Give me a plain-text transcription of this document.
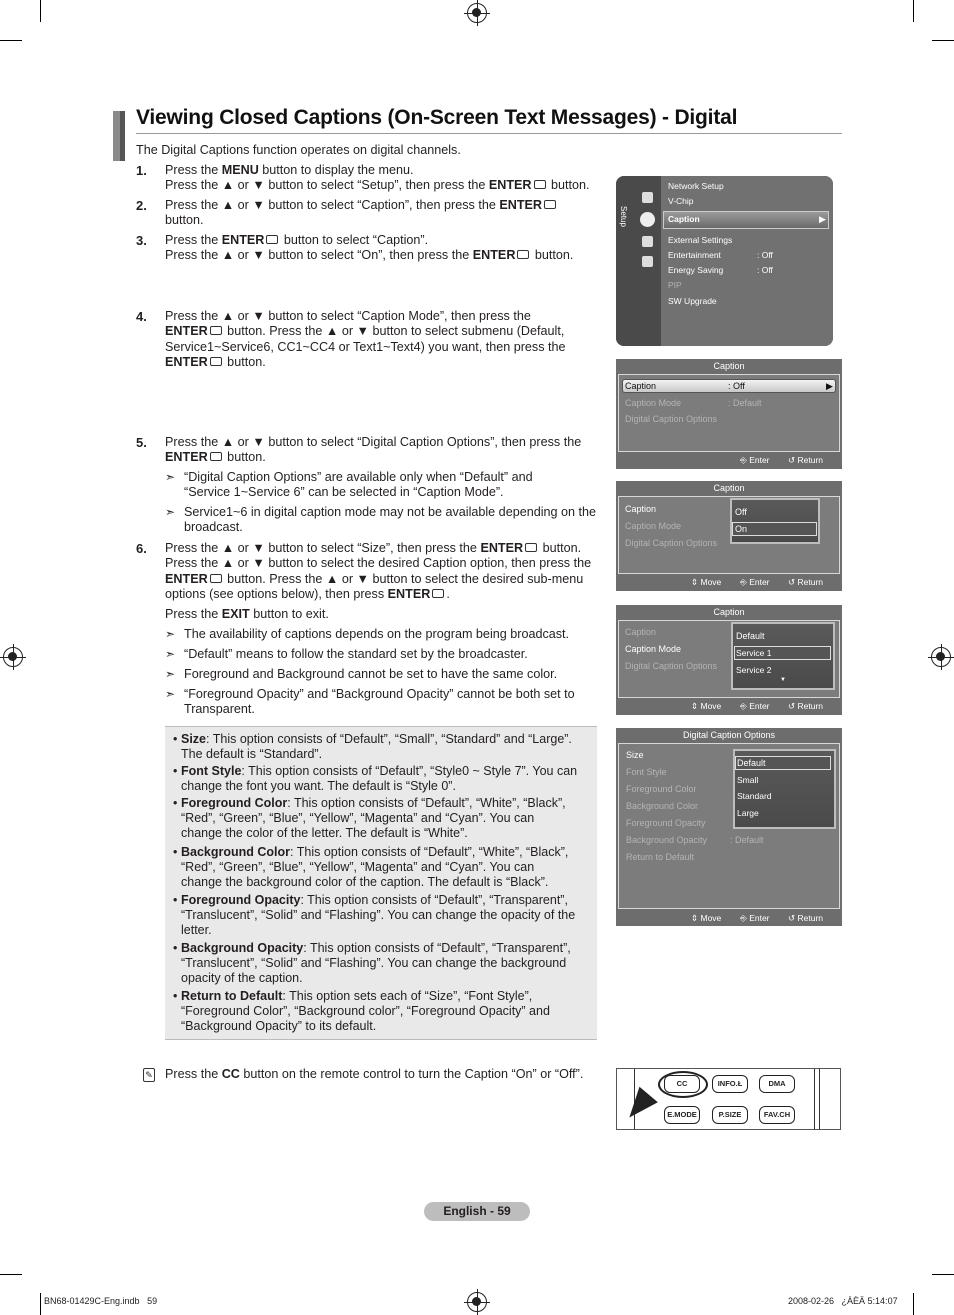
Viewing Closed Captions (On-Screen Text Messages) - Digital
The Digital Captions function operates on digital channels.
1. Press the MENU button to display the menu.
Press the ▲ or ▼ button to select “Setup”, then press the ENTER button.
2. Press the ▲ or ▼ button to select “Caption”, then press the ENTER
button.
3. Press the ENTER button to select “Caption”.
Press the ▲ or ▼ button to select “On”, then press the ENTER button.
4. Press the ▲ or ▼ button to select “Caption Mode”, then press the
ENTER button. Press the ▲ or ▼ button to select submenu (Default,
Service1~Service6, CC1~CC4 or Text1~Text4) you want, then press the
ENTER button.
5. Press the ▲ or ▼ button to select “Digital Caption Options”, then press the
ENTER button.
6. Press the ▲ or ▼ button to select “Size”, then press the ENTER button.
Press the ▲ or ▼ button to select the desired Caption option, then press the
ENTER button. Press the ▲ or ▼ button to select the desired sub-menu
options (see options below), then press ENTER .
➣ “Digital Caption Options” are available only when “Default” and
“Service 1~Service 6” can be selected in “Caption Mode”.
➣ Service1~6 in digital caption mode may not be available depending on the
broadcast.
Press the EXIT button to exit.
➣ The availability of captions depends on the program being broadcast.
➣ “Default” means to follow the standard set by the broadcaster.
➣ Foreground and Background cannot be set to have the same color.
➣ “Foreground Opacity” and “Background Opacity” cannot be both set to
Transparent.
• Size: This option consists of “Default”, “Small”, “Standard” and “Large”.
The default is “Standard”.
• Font Style: This option consists of “Default”, “Style0 ~ Style 7”. You can
change the font you want. The default is “Style 0”.
• Foreground Color: This option consists of “Default”, “White”, “Black”,
“Red”, “Green”, “Blue”, “Yellow”, “Magenta” and “Cyan”. You can
change the color of the letter. The default is “White”.
• Background Color: This option consists of “Default”, “White”, “Black”,
“Red”, “Green”, “Blue”, “Yellow”, “Magenta” and “Cyan”. You can
change the background color of the caption. The default is “Black”.
• Foreground Opacity: This option consists of “Default”, “Transparent”,
“Translucent”, “Solid” and “Flashing”. You can change the opacity of the
letter.
• Background Opacity: This option consists of “Default”, “Transparent”,
“Translucent”, “Solid” and “Flashing”. You can change the background
opacity of the caption.
• Return to Default: This option sets each of “Size”, “Font Style”,
“Foreground Color”, “Background color”, “Foreground Opacity” and
“Background Opacity” to its default.
✎ Press the CC button on the remote control to turn the Caption “On” or “Off”.
Setup
Network Setup
V-Chip
▶
Caption
External Settings
Entertainment	: Off
Energy Saving	: Off
PIP
SW Upgrade
Caption
Caption	: Off	▶
Caption Mode	: Default
Digital Caption Options
⎆ Enter ↺ Return
Caption
Caption
Caption Mode
Digital Caption Options
Off
On
⇕ Move ⎆ Enter ↺ Return
Caption
Caption
Caption Mode
Digital Caption Options
Default
Service 1
Service 2
▼
⇕ Move ⎆ Enter ↺ Return
Digital Caption Options
Size
Font Style
Foreground Color
Background Color
Foreground Opacity
Background Opacity
Return to Default
: Default
Default
Small
Standard
Large
⇕ Move ⎆ Enter ↺ Return
CC	INFO.Ł	DMA
E.MODE	P.SIZE	FAV.CH
English - 59
BN68-01429C-Eng.indb   59	2008-02-26   ¿ÀÈÄ 5:14:07
